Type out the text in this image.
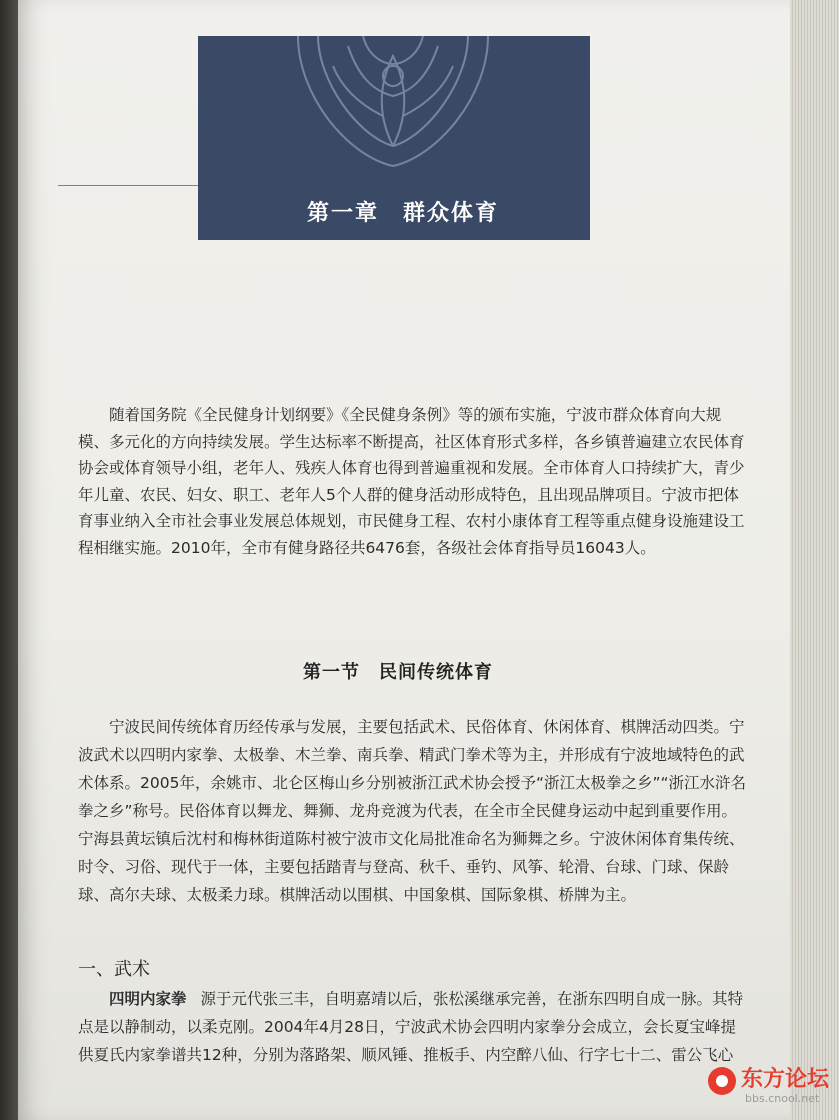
第一章　群众体育

随着国务院《全民健身计划纲要》《全民健身条例》等的颁布实施，宁波市群众体育向大规模、多元化的方向持续发展。学生达标率不断提高，社区体育形式多样，各乡镇普遍建立农民体育协会或体育领导小组，老年人、残疾人体育也得到普遍重视和发展。全市体育人口持续扩大，青少年儿童、农民、妇女、职工、老年人5个人群的健身活动形成特色，且出现品牌项目。宁波市把体育事业纳入全市社会事业发展总体规划，市民健身工程、农村小康体育工程等重点健身设施建设工程相继实施。2010年，全市有健身路径共6476套，各级社会体育指导员16043人。

第一节　民间传统体育

宁波民间传统体育历经传承与发展，主要包括武术、民俗体育、休闲体育、棋牌活动四类。宁波武术以四明内家拳、太极拳、木兰拳、南兵拳、精武门拳术等为主，并形成有宁波地域特色的武术体系。2005年，余姚市、北仑区梅山乡分别被浙江武术协会授予“浙江太极拳之乡”“浙江水浒名拳之乡”称号。民俗体育以舞龙、舞狮、龙舟竞渡为代表，在全市全民健身运动中起到重要作用。宁海县黄坛镇后沈村和梅林街道陈村被宁波市文化局批准命名为狮舞之乡。宁波休闲体育集传统、时令、习俗、现代于一体，主要包括踏青与登高、秋千、垂钓、风筝、轮滑、台球、门球、保龄球、高尔夫球、太极柔力球。棋牌活动以围棋、中国象棋、国际象棋、桥牌为主。

一、武术

四明内家拳 源于元代张三丰，自明嘉靖以后，张松溪继承完善，在浙东四明自成一脉。其特点是以静制动，以柔克刚。2004年4月28日，宁波武术协会四明内家拳分会成立，会长夏宝峰提供夏氏内家拳谱共12种，分别为落路架、顺风锤、推板手、内空醉八仙、行字七十二、雷公飞心

东方论坛
bbs.cnool.net
